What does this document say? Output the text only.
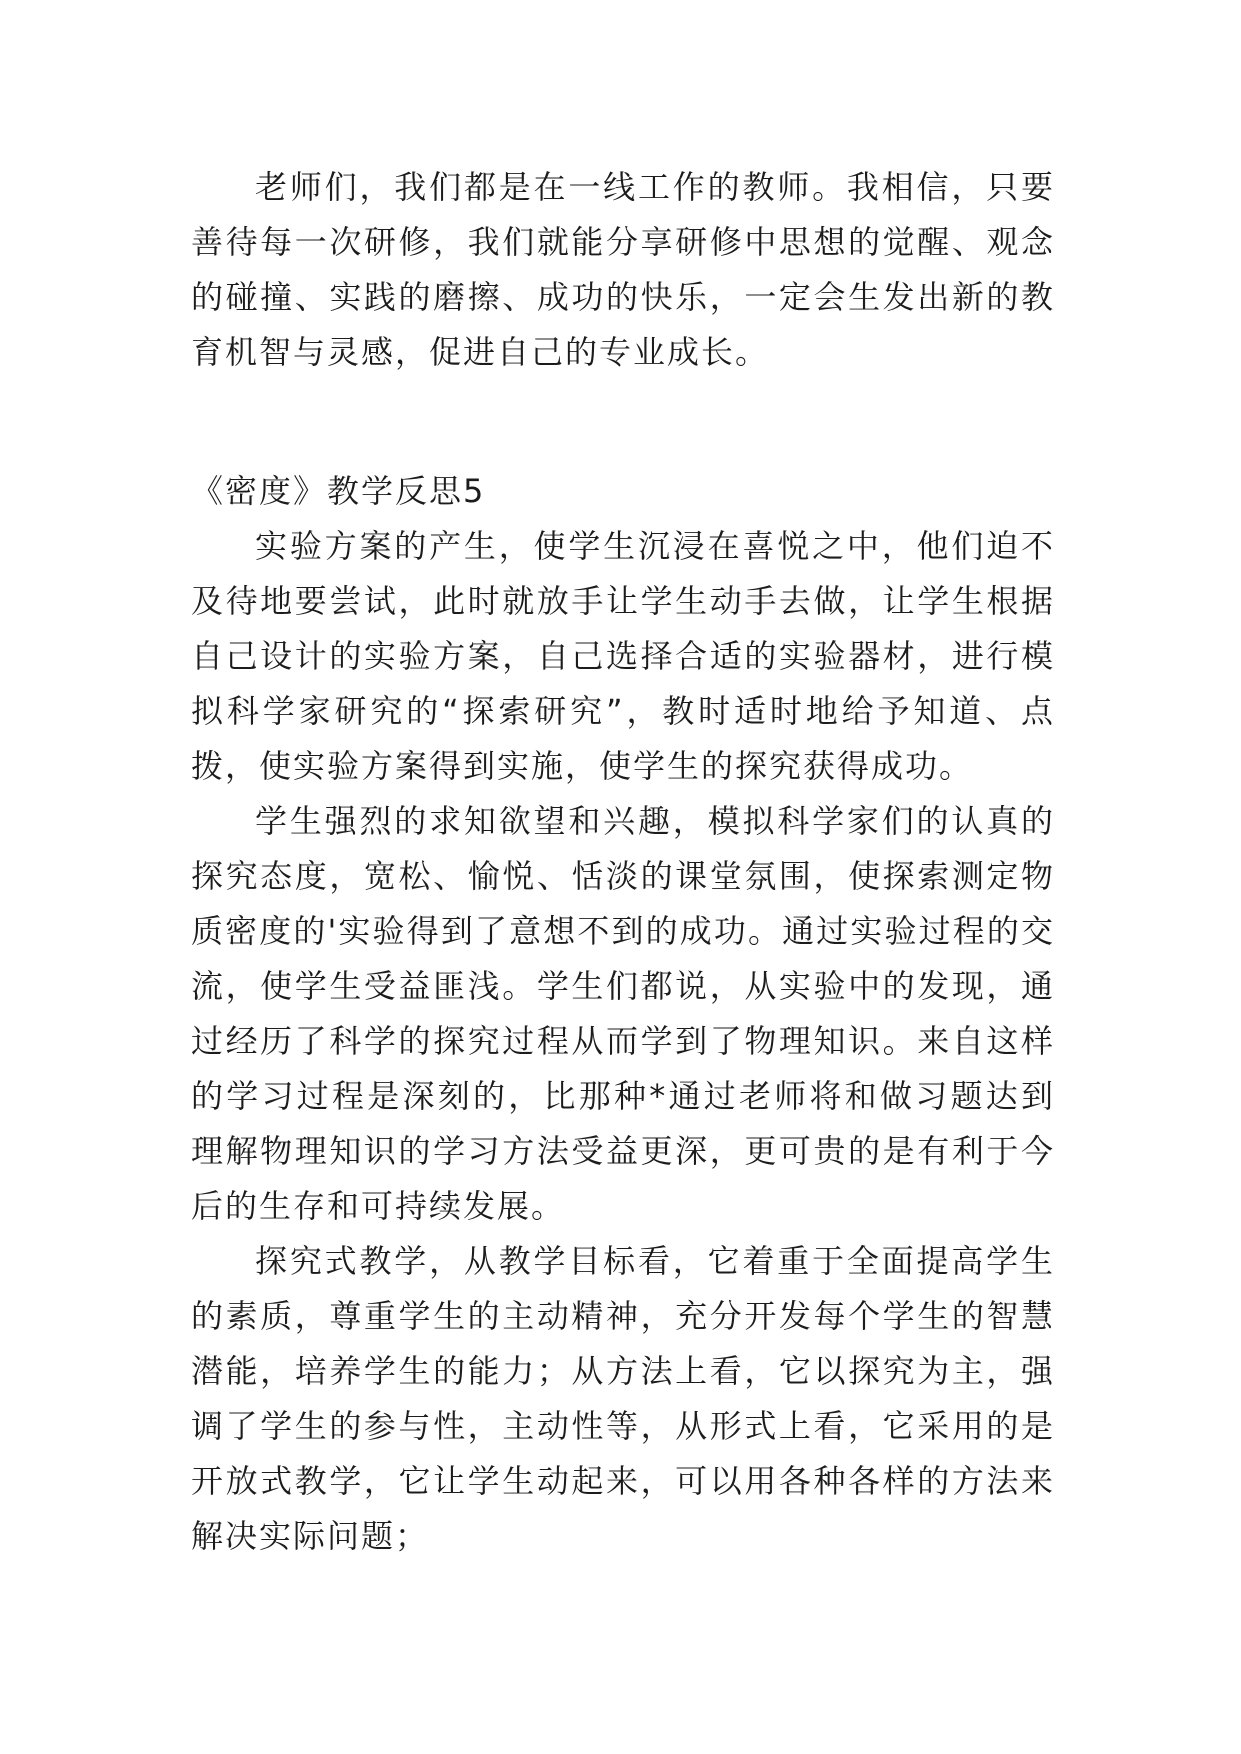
老师们，我们都是在一线工作的教师。我相信，只要善待每一次研修，我们就能分享研修中思想的觉醒、观念的碰撞、实践的磨擦、成功的快乐，一定会生发出新的教育机智与灵感，促进自己的专业成长。

《密度》教学反思5

实验方案的产生，使学生沉浸在喜悦之中，他们迫不及待地要尝试，此时就放手让学生动手去做，让学生根据自己设计的实验方案，自己选择合适的实验器材，进行模拟科学家研究的“探索研究”，教时适时地给予知道、点拨，使实验方案得到实施，使学生的探究获得成功。

学生强烈的求知欲望和兴趣，模拟科学家们的认真的探究态度，宽松、愉悦、恬淡的课堂氛围，使探索测定物质密度的'实验得到了意想不到的成功。通过实验过程的交流，使学生受益匪浅。学生们都说，从实验中的发现，通过经历了科学的探究过程从而学到了物理知识。来自这样的学习过程是深刻的，比那种*通过老师将和做习题达到理解物理知识的学习方法受益更深，更可贵的是有利于今后的生存和可持续发展。

探究式教学，从教学目标看，它着重于全面提高学生的素质，尊重学生的主动精神，充分开发每个学生的智慧潜能，培养学生的能力；从方法上看，它以探究为主，强调了学生的参与性，主动性等，从形式上看，它采用的是开放式教学，它让学生动起来，可以用各种各样的方法来解决实际问题；
